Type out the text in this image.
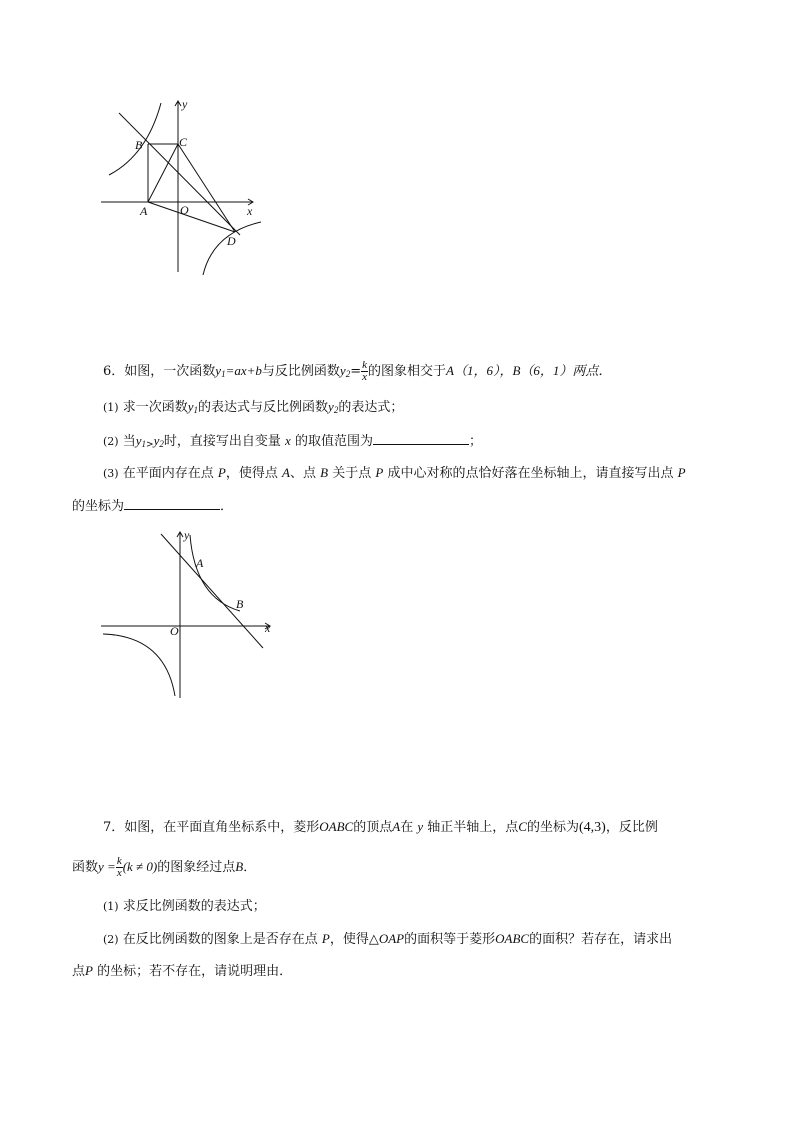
y
x
B	C
A	O
D
6．如图，一次函数$y_1=ax+b$与反比例函数$y_2= \frac{k}{x}$ 的图象相交于A（1，6），B（6，1）两点．
(1) 求一次函数$y_1$的表达式与反比例函数$y_2$的表达式；
(2) 当$y_{1>}y_2$时，直接写出自变量 x 的取值范围为	；
(3) 在平面内存在点 P，使得点 A、点 B 关于点 P 成中心对称的点恰好落在坐标轴上，请直接写出点 P
的坐标为	．
y
x
A
B
O
7．如图，在平面直角坐标系中，菱形OABC的顶点A在 y 轴正半轴上，点C的坐标为(4,3)，反比例
函数$y = \frac{k}{x} (k \ne 0)$的图象经过点B．
(1) 求反比例函数的表达式；
(2) 在反比例函数的图象上是否存在点 P，使得△OAP的面积等于菱形OABC的面积？若存在，请求出
点P 的坐标；若不存在，请说明理由．
